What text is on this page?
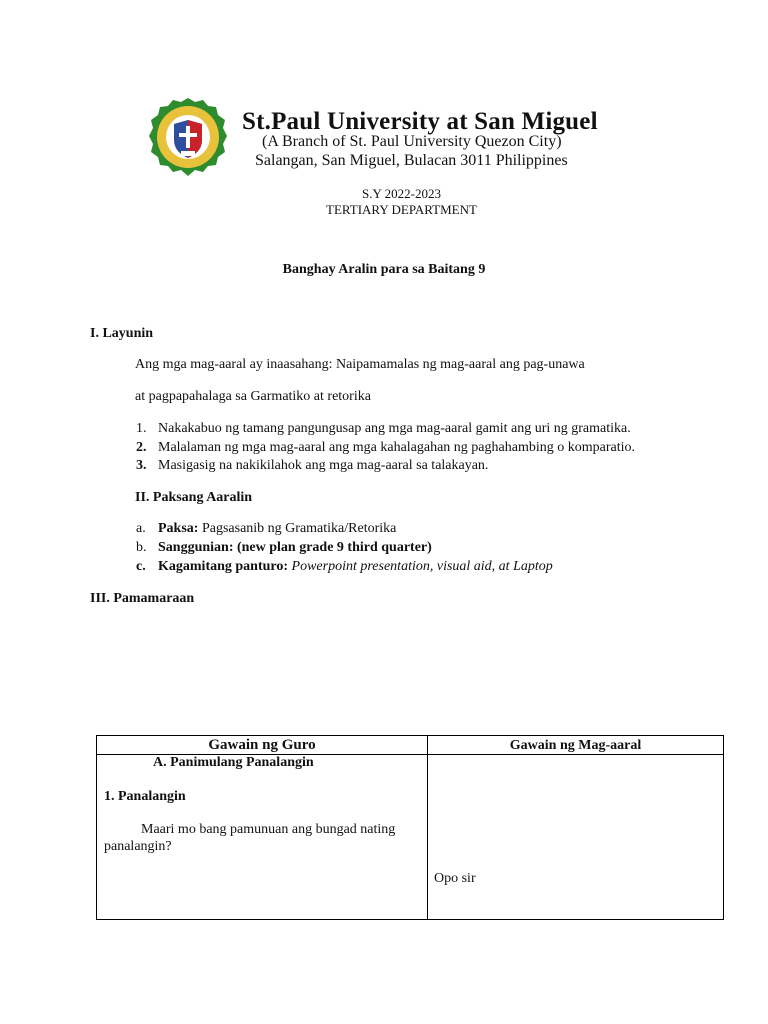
St.Paul University at San Miguel
(A Branch of St. Paul University Quezon City)
Salangan, San Miguel, Bulacan 3011 Philippines
S.Y 2022-2023
TERTIARY DEPARTMENT
Banghay Aralin para sa Baitang 9
I. Layunin
Ang mga mag-aaral ay inaasahang: Naipamamalas ng mag-aaral ang pag-unawa
at pagpapahalaga sa Garmatiko at retorika
1. Nakakabuo ng tamang pangungusap ang mga mag-aaral gamit ang uri ng gramatika.
2. Malalaman ng mga mag-aaral ang mga kahalagahan ng paghahambing o komparatio.
3. Masigasig na nakikilahok ang mga mag-aaral sa talakayan.
II. Paksang Aaralin
a. Paksa: Pagsasanib ng Gramatika/Retorika
b. Sanggunian: (new plan grade 9 third quarter)
c. Kagamitang panturo: Powerpoint presentation, visual aid, at Laptop
III. Pamamaraan
Gawain ng Guro	Gawain ng Mag-aaral

A. Panimulang Panalangin
1. Panalangin
Maari mo bang pamunuan ang bungad nating panalangin?	Opo sir
